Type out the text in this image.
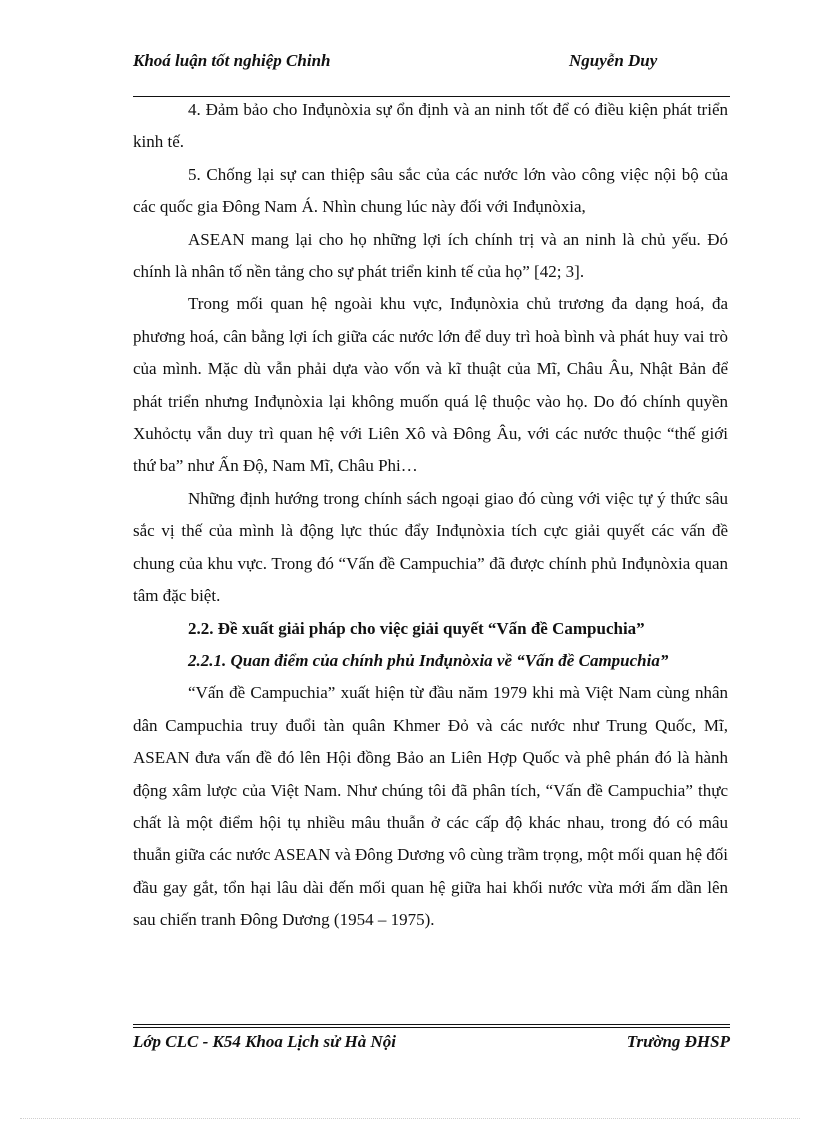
Khoá luận tốt nghiệp Chinh	Nguyễn Duy

4. Đảm bảo cho Inđụnòxia sự ổn định và an ninh tốt để có điều kiện phát triển kinh tế.

5. Chống lại sự can thiệp sâu sắc của các nước lớn vào công việc nội bộ của các quốc gia Đông Nam Á. Nhìn chung lúc này đối với Inđụnòxia,

ASEAN mang lại cho họ những lợi ích chính trị và an ninh là chủ yếu. Đó chính là nhân tố nền tảng cho sự phát triển kinh tế của họ” [42; 3].

Trong mối quan hệ ngoài khu vực, Inđụnòxia chủ trương đa dạng hoá, đa phương hoá, cân bằng lợi ích giữa các nước lớn để duy trì hoà bình và phát huy vai trò của mình. Mặc dù vẫn phải dựa vào vốn và kĩ thuật của Mĩ, Châu Âu, Nhật Bản để phát triển nhưng Inđụnòxia lại không muốn quá lệ thuộc vào họ. Do đó chính quyền Xuhỏctụ vẫn duy trì quan hệ với Liên Xô và Đông Âu, với các nước thuộc “thế giới thứ ba” như Ấn Độ, Nam Mĩ, Châu Phi…

Những định hướng trong chính sách ngoại giao đó cùng với việc tự ý thức sâu sắc vị thế của mình là động lực thúc đẩy Inđụnòxia tích cực giải quyết các vấn đề chung của khu vực. Trong đó “Vấn đề Campuchia” đã được chính phủ Inđụnòxia quan tâm đặc biệt.

2.2. Đề xuất giải pháp cho việc giải quyết “Vấn đề Campuchia”

2.2.1. Quan điểm của chính phủ Inđụnòxia về “Vấn đề Campuchia”

“Vấn đề Campuchia” xuất hiện từ đầu năm 1979 khi mà Việt Nam cùng nhân dân Campuchia truy đuổi tàn quân Khmer Đỏ và các nước như Trung Quốc, Mĩ, ASEAN đưa vấn đề đó lên Hội đồng Bảo an Liên Hợp Quốc và phê phán đó là hành động xâm lược của Việt Nam. Như chúng tôi đã phân tích, “Vấn đề Campuchia” thực chất là một điểm hội tụ nhiều mâu thuẫn ở các cấp độ khác nhau, trong đó có mâu thuẫn giữa các nước ASEAN và Đông Dương vô cùng trầm trọng, một mối quan hệ đối đầu gay gắt, tổn hại lâu dài đến mối quan hệ giữa hai khối nước vừa mới ấm dần lên sau chiến tranh Đông Dương (1954 – 1975).

Lớp CLC - K54 Khoa Lịch sử Hà Nội	Trường ĐHSP
